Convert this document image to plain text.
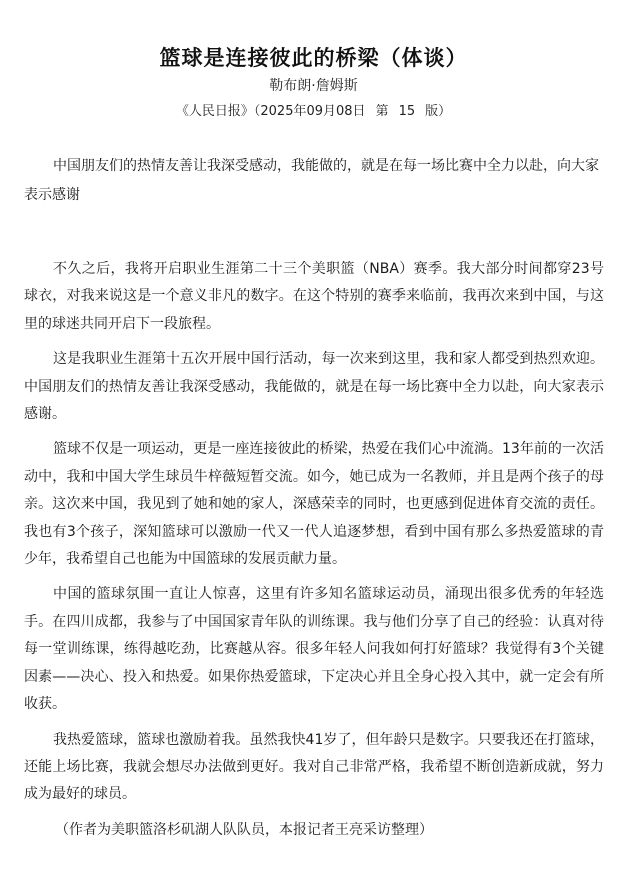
篮球是连接彼此的桥梁（体谈）
勒布朗·詹姆斯
《人民日报》（2025年09月08日 第 15 版）

中国朋友们的热情友善让我深受感动，我能做的，就是在每一场比赛中全力以赴，向大家表示感谢

不久之后，我将开启职业生涯第二十三个美职篮（NBA）赛季。我大部分时间都穿23号球衣，对我来说这是一个意义非凡的数字。在这个特别的赛季来临前，我再次来到中国，与这里的球迷共同开启下一段旅程。

这是我职业生涯第十五次开展中国行活动，每一次来到这里，我和家人都受到热烈欢迎。中国朋友们的热情友善让我深受感动，我能做的，就是在每一场比赛中全力以赴，向大家表示感谢。

篮球不仅是一项运动，更是一座连接彼此的桥梁，热爱在我们心中流淌。13年前的一次活动中，我和中国大学生球员牛梓薇短暂交流。如今，她已成为一名教师，并且是两个孩子的母亲。这次来中国，我见到了她和她的家人，深感荣幸的同时，也更感到促进体育交流的责任。我也有3个孩子，深知篮球可以激励一代又一代人追逐梦想，看到中国有那么多热爱篮球的青少年，我希望自己也能为中国篮球的发展贡献力量。

中国的篮球氛围一直让人惊喜，这里有许多知名篮球运动员，涌现出很多优秀的年轻选手。在四川成都，我参与了中国国家青年队的训练课。我与他们分享了自己的经验：认真对待每一堂训练课，练得越吃劲，比赛越从容。很多年轻人问我如何打好篮球？我觉得有3个关键因素——决心、投入和热爱。如果你热爱篮球，下定决心并且全身心投入其中，就一定会有所收获。

我热爱篮球，篮球也激励着我。虽然我快41岁了，但年龄只是数字。只要我还在打篮球，还能上场比赛，我就会想尽办法做到更好。我对自己非常严格，我希望不断创造新成就，努力成为最好的球员。

（作者为美职篮洛杉矶湖人队队员，本报记者王亮采访整理）
